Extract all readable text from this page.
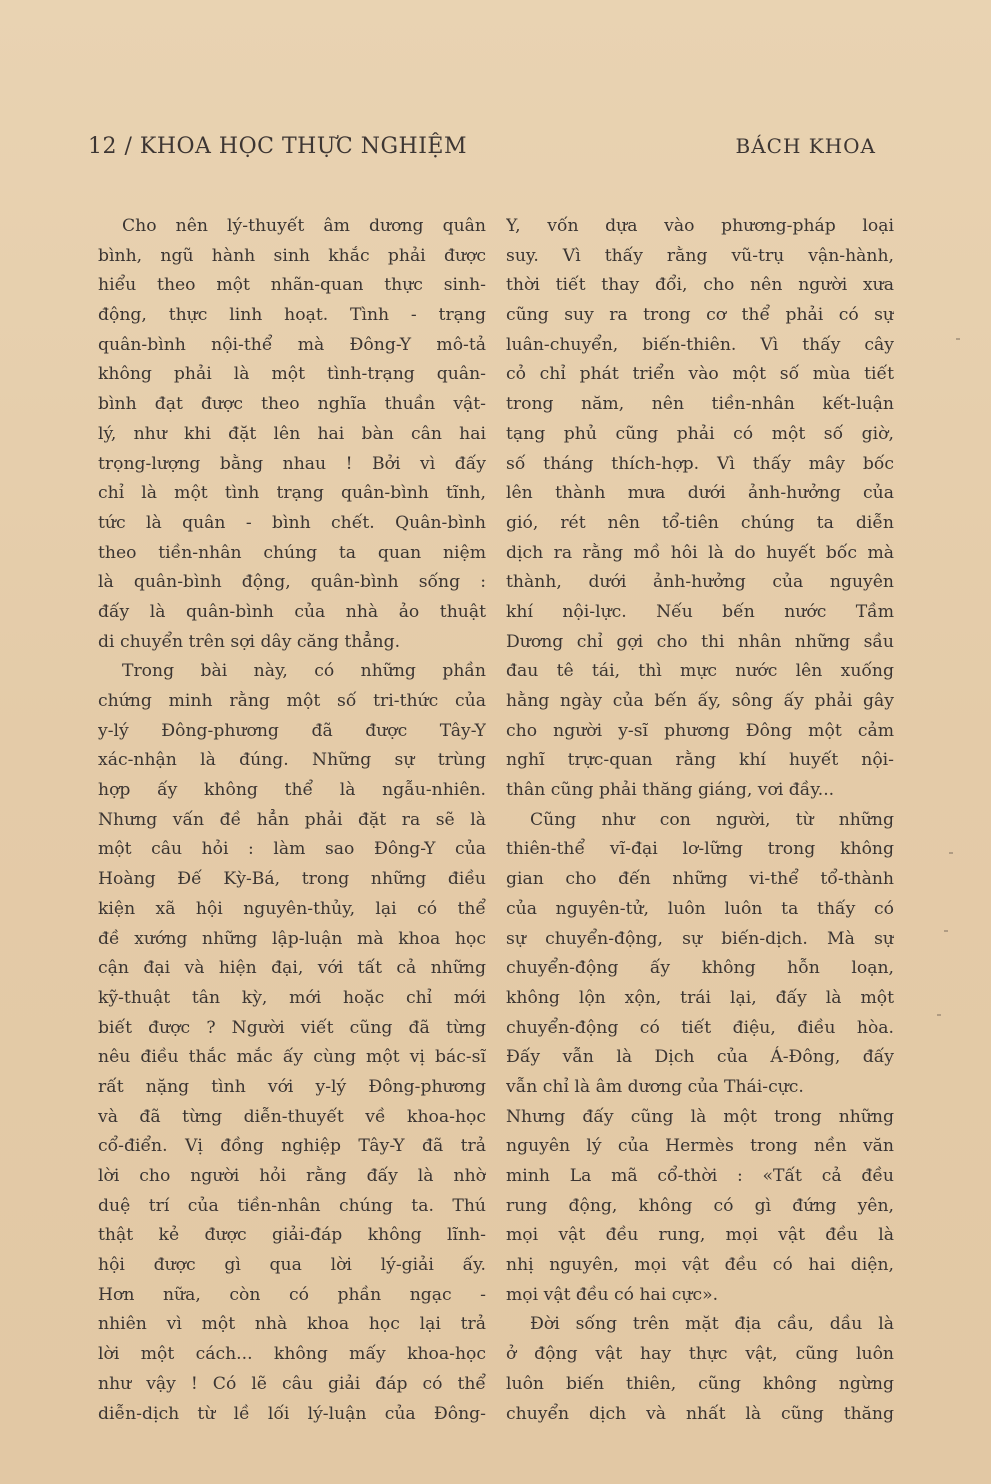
12 / KHOA HỌC THỰC NGHIỆM	BÁCH KHOA
Cho nên lý-thuyết âm dương quân
bình, ngũ hành sinh khắc phải được
hiểu theo một nhãn-quan thực sinh-
động, thực linh hoạt. Tình - trạng
quân-bình nội-thể mà Đông-Y mô-tả
không phải là một tình-trạng quân-
bình đạt được theo nghĩa thuần vật-
lý, như khi đặt lên hai bàn cân hai
trọng-lượng bằng nhau ! Bởi vì đấy
chỉ là một tình trạng quân-bình tĩnh,
tức là quân - bình chết. Quân-bình
theo tiền-nhân chúng ta quan niệm
là quân-bình động, quân-bình sống :
đấy là quân-bình của nhà ảo thuật
di chuyển trên sợi dây căng thẳng.
Trong bài này, có những phần
chứng minh rằng một số tri-thức của
y-lý Đông-phương đã được Tây-Y
xác-nhận là đúng. Những sự trùng
hợp ấy không thể là ngẫu-nhiên.
Nhưng vấn đề hẳn phải đặt ra sẽ là
một câu hỏi : làm sao Đông-Y của
Hoàng Đế Kỳ-Bá, trong những điều
kiện xã hội nguyên-thủy, lại có thể
đề xướng những lập-luận mà khoa học
cận đại và hiện đại, với tất cả những
kỹ-thuật tân kỳ, mới hoặc chỉ mới
biết được ? Người viết cũng đã từng
nêu điều thắc mắc ấy cùng một vị bác-sĩ
rất nặng tình với y-lý Đông-phương
và đã từng diễn-thuyết về khoa-học
cổ-điển. Vị đồng nghiệp Tây-Y đã trả
lời cho người hỏi rằng đấy là nhờ
duệ trí của tiền-nhân chúng ta. Thú
thật kẻ được giải-đáp không lĩnh-
hội được gì qua lời lý-giải ấy.
Hơn nữa, còn có phần ngạc -
nhiên vì một nhà khoa học lại trả
lời một cách... không mấy khoa-học
như vậy ! Có lẽ câu giải đáp có thể
diễn-dịch từ lề lối lý-luận của Đông-
Y, vốn dựa vào phương-pháp loại
suy. Vì thấy rằng vũ-trụ vận-hành,
thời tiết thay đổi, cho nên người xưa
cũng suy ra trong cơ thể phải có sự
luân-chuyển, biến-thiên. Vì thấy cây
cỏ chỉ phát triển vào một số mùa tiết
trong năm, nên tiền-nhân kết-luận
tạng phủ cũng phải có một số giờ,
số tháng thích-hợp. Vì thấy mây bốc
lên thành mưa dưới ảnh-hưởng của
gió, rét nên tổ-tiên chúng ta diễn
dịch ra rằng mồ hôi là do huyết bốc mà
thành, dưới ảnh-hưởng của nguyên
khí nội-lực. Nếu bến nước Tầm
Dương chỉ gợi cho thi nhân những sầu
đau tê tái, thì mực nước lên xuống
hằng ngày của bến ấy, sông ấy phải gây
cho người y-sĩ phương Đông một cảm
nghĩ trực-quan rằng khí huyết nội-
thân cũng phải thăng giáng, vơi đầy...
Cũng như con người, từ những
thiên-thể vĩ-đại lơ-lững trong không
gian cho đến những vi-thể tổ-thành
của nguyên-tử, luôn luôn ta thấy có
sự chuyển-động, sự biến-dịch. Mà sự
chuyển-động ấy không hỗn loạn,
không lộn xộn, trái lại, đấy là một
chuyển-động có tiết điệu, điều hòa.
Đấy vẫn là Dịch của Á-Đông, đấy
vẫn chỉ là âm dương của Thái-cực.
Nhưng đấy cũng là một trong những
nguyên lý của Hermès trong nền văn
minh La mã cổ-thời : «Tất cả đều
rung động, không có gì đứng yên,
mọi vật đều rung, mọi vật đều là
nhị nguyên, mọi vật đều có hai diện,
mọi vật đều có hai cực».
Đời sống trên mặt địa cầu, dầu là
ở động vật hay thực vật, cũng luôn
luôn biến thiên, cũng không ngừng
chuyển dịch và nhất là cũng thăng
